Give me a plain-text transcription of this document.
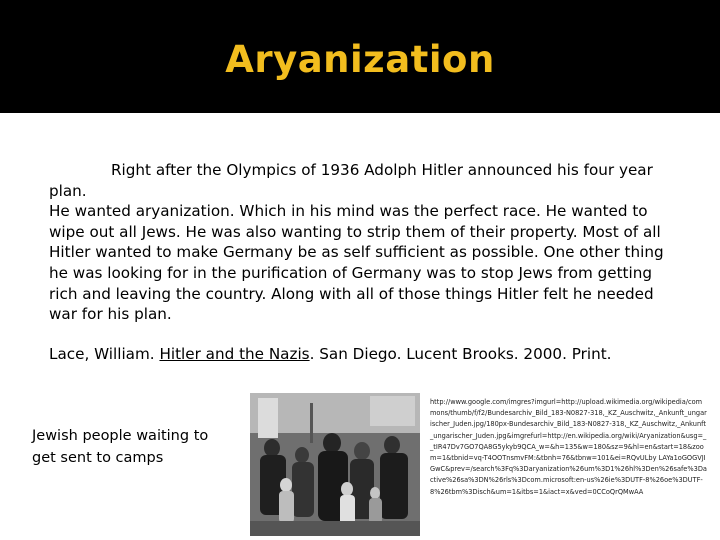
Aryanization
Right after the Olympics of 1936 Adolph Hitler announced his four year plan.
He wanted aryanization. Which in his mind was the perfect race. He wanted to wipe out all Jews. He was also wanting to strip them of their property. Most of all Hitler wanted to make Germany be as self sufficient as possible. One other thing he was looking for in the purification of Germany was to stop Jews from getting rich and leaving the country. Along with all of those things Hitler felt he needed war for his plan.
Lace, William. Hitler and the Nazis. San Diego. Lucent Brooks. 2000. Print.
Jewish people waiting to get sent to camps
http://www.google.com/imgres?imgurl=http://upload.wikimedia.org/wikipedia/commons/thumb/f/f2/Bundesarchiv_Bild_183-N0827-318,_KZ_Auschwitz,_Ankunft_ungarischer_Juden.jpg/180px-Bundesarchiv_Bild_183-N0827-318,_KZ_Auschwitz,_Ankunft_ungarischer_Juden.jpg&imgrefurl=http://en.wikipedia.org/wiki/Aryanization&usg=__tIR47Dv7GO7QA8G5ykyb9QCA_w=&h=135&w=180&sz=9&hl=en&start=18&zoom=1&tbnid=vq-T4OOTnsmvFM:&tbnh=76&tbnw=101&ei=RQvULby LAYa1oGOGVJIGwC&prev=/search%3Fq%3Daryanization%26um%3D1%26hl%3Den%26safe%3Dactive%26sa%3DN%26rls%3Dcom.microsoft:en-us%26ie%3DUTF-8%26oe%3DUTF-8%26tbm%3Disch&um=1&itbs=1&iact=x&ved=0CCoQrQMwAA
